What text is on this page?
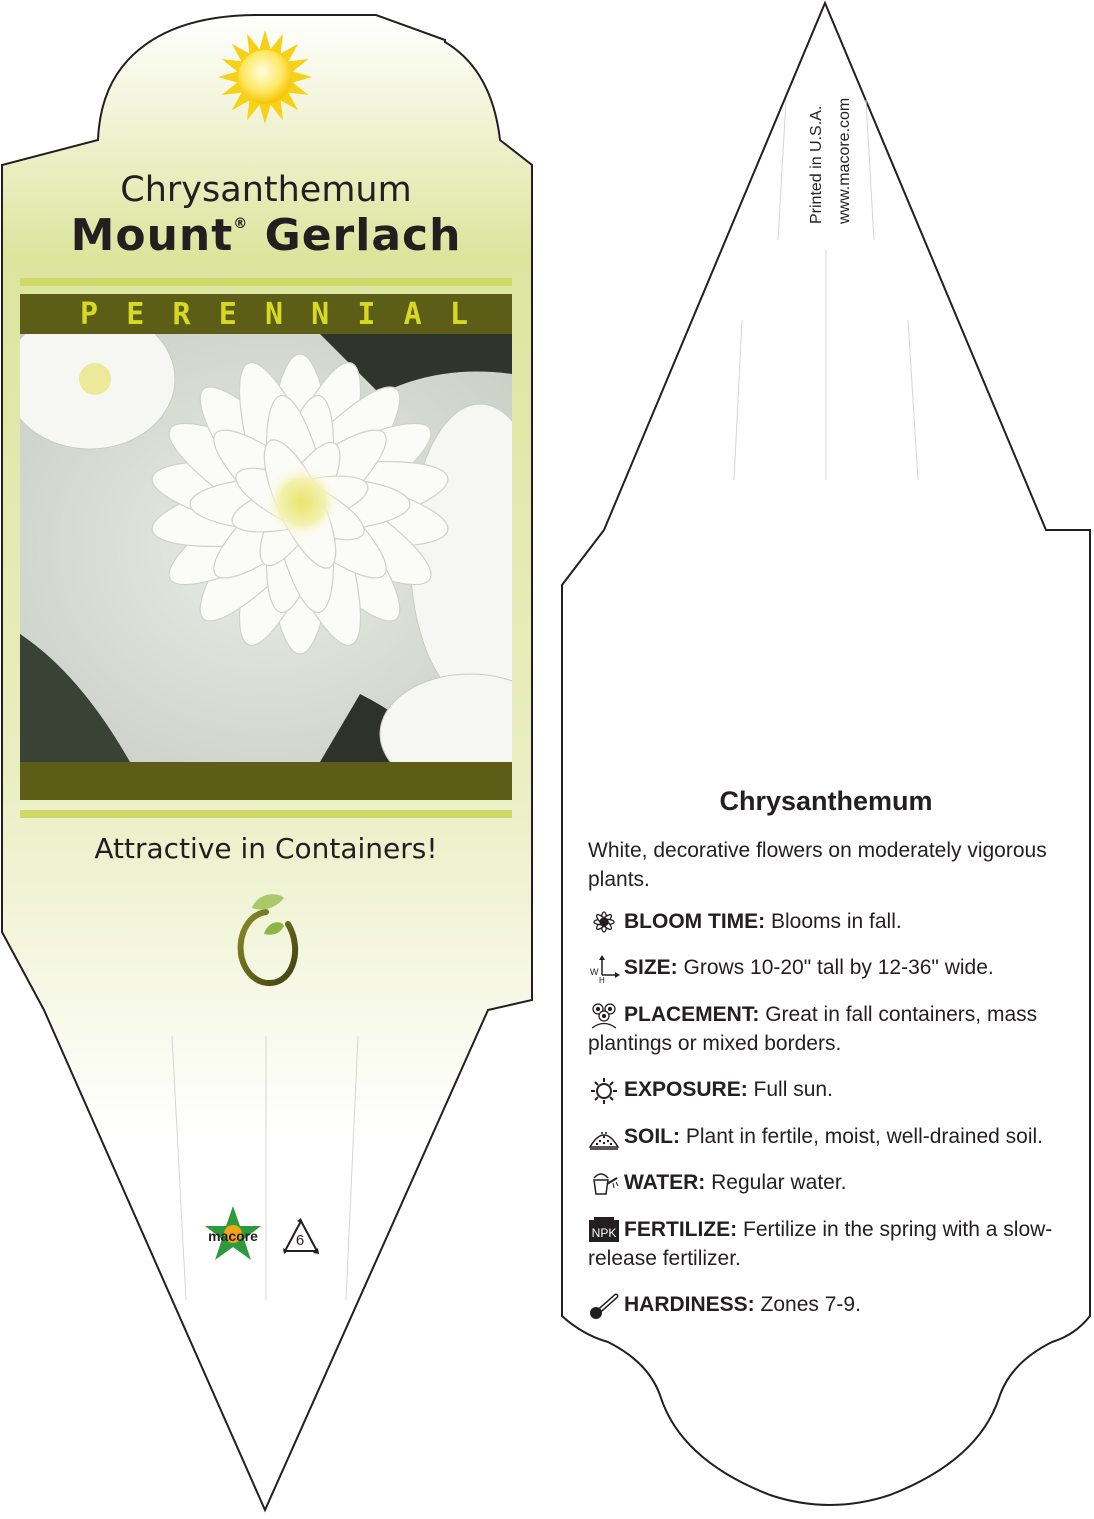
Chrysanthemum
Mount® Gerlach
P E R E N N I A L
Attractive in Containers!
macore	6
Printed in U.S.A. www.macore.com
Chrysanthemum

White, decorative flowers on moderately vigorous plants.

BLOOM TIME: Blooms in fall.
W
H
SIZE: Grows 10-20" tall by 12-36" wide.
PLACEMENT: Great in fall containers, mass plantings or mixed borders.
EXPOSURE: Full sun.
SOIL: Plant in fertile, moist, well-drained soil.
WATER: Regular water.
NPK FERTILIZE: Fertilize in the spring with a slow-release fertilizer.
HARDINESS: Zones 7-9.
